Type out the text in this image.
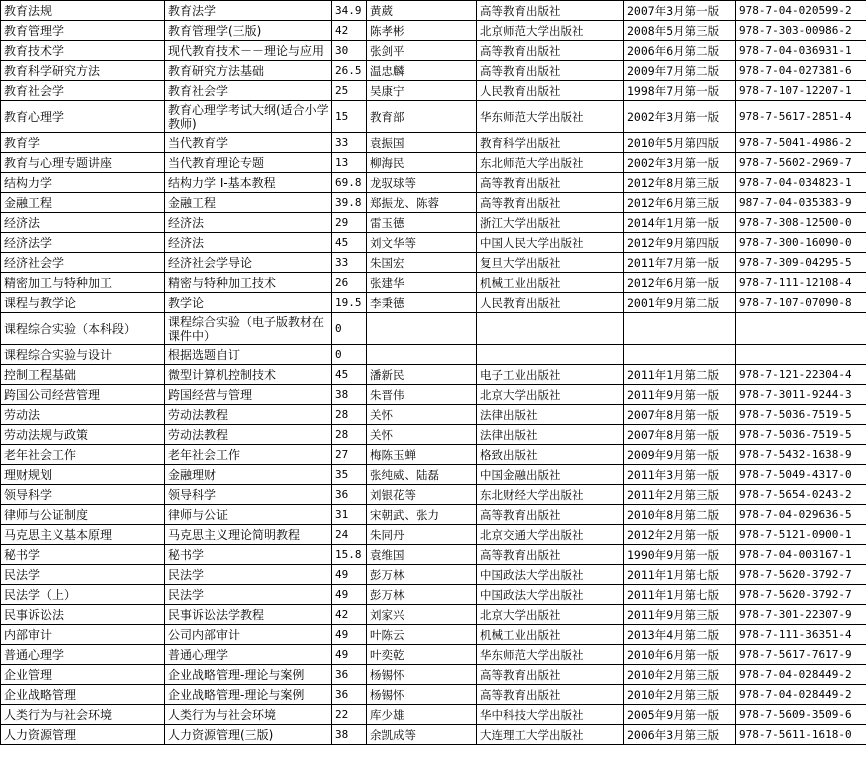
教育法规	教育法学	34.9	黄葳	高等教育出版社	2007年3月第一版	978-7-04-020599-2
教育管理学	教育管理学(三版)	42	陈孝彬	北京师范大学出版社	2008年5月第三版	978-7-303-00986-2
教育技术学	现代教育技术－－理论与应用	30	张剑平	高等教育出版社	2006年6月第二版	978-7-04-036931-1
教育科学研究方法	教育研究方法基础	26.5	温忠麟	高等教育出版社	2009年7月第二版	978-7-04-027381-6
教育社会学	教育社会学	25	吴康宁	人民教育出版社	1998年7月第一版	978-7-107-12207-1
教育心理学	教育心理学考试大纲(适合小学教师)	15	教育部	华东师范大学出版社	2002年3月第一版	978-7-5617-2851-4
教育学	当代教育学	33	袁振国	教育科学出版社	2010年5月第四版	978-7-5041-4986-2
教育与心理专题讲座	当代教育理论专题	13	柳海民	东北师范大学出版社	2002年3月第一版	978-7-5602-2969-7
结构力学	结构力学 I-基本教程	69.8	龙驭球等	高等教育出版社	2012年8月第三版	978-7-04-034823-1
金融工程	金融工程	39.8	郑振龙、陈蓉	高等教育出版社	2012年6月第三版	987-7-04-035383-9
经济法	经济法	29	雷玉德	浙江大学出版社	2014年1月第一版	978-7-308-12500-0
经济法学	经济法	45	刘文华等	中国人民大学出版社	2012年9月第四版	978-7-300-16090-0
经济社会学	经济社会学导论	33	朱国宏	复旦大学出版社	2011年7月第一版	978-7-309-04295-5
精密加工与特种加工	精密与特种加工技术	26	张建华	机械工业出版社	2012年6月第一版	978-7-111-12108-4
课程与教学论	教学论	19.5	李秉德	人民教育出版社	2001年9月第二版	978-7-107-07090-8
课程综合实验（本科段）	课程综合实验（电子版教材在课件中）	0				
课程综合实验与设计	根据选题自订	0				
控制工程基础	微型计算机控制技术	45	潘新民	电子工业出版社	2011年1月第二版	978-7-121-22304-4
跨国公司经营管理	跨国经营与管理	38	朱晋伟	北京大学出版社	2011年9月第一版	978-7-3011-9244-3
劳动法	劳动法教程	28	关怀	法律出版社	2007年8月第一版	978-7-5036-7519-5
劳动法规与政策	劳动法教程	28	关怀	法律出版社	2007年8月第一版	978-7-5036-7519-5
老年社会工作	老年社会工作	27	梅陈玉蝉	格致出版社	2009年9月第一版	978-7-5432-1638-9
理财规划	金融理财	35	张纯威、陆磊	中国金融出版社	2011年3月第一版	978-7-5049-4317-0
领导科学	领导科学	36	刘银花等	东北财经大学出版社	2011年2月第三版	978-7-5654-0243-2
律师与公证制度	律师与公证	31	宋朝武、张力	高等教育出版社	2010年8月第二版	978-7-04-029636-5
马克思主义基本原理	马克思主义理论简明教程	24	朱同丹	北京交通大学出版社	2012年2月第一版	978-7-5121-0900-1
秘书学	秘书学	15.8	袁维国	高等教育出版社	1990年9月第一版	978-7-04-003167-1
民法学	民法学	49	彭万林	中国政法大学出版社	2011年1月第七版	978-7-5620-3792-7
民法学（上）	民法学	49	彭万林	中国政法大学出版社	2011年1月第七版	978-7-5620-3792-7
民事诉讼法	民事诉讼法学教程	42	刘家兴	北京大学出版社	2011年9月第三版	978-7-301-22307-9
内部审计	公司内部审计	49	叶陈云	机械工业出版社	2013年4月第二版	978-7-111-36351-4
普通心理学	普通心理学	49	叶奕乾	华东师范大学出版社	2010年6月第一版	978-7-5617-7617-9
企业管理	企业战略管理-理论与案例	36	杨锡怀	高等教育出版社	2010年2月第三版	978-7-04-028449-2
企业战略管理	企业战略管理-理论与案例	36	杨锡怀	高等教育出版社	2010年2月第三版	978-7-04-028449-2
人类行为与社会环境	人类行为与社会环境	22	库少雄	华中科技大学出版社	2005年9月第一版	978-7-5609-3509-6
人力资源管理	人力资源管理(三版)	38	余凯成等	大连理工大学出版社	2006年3月第三版	978-7-5611-1618-0
